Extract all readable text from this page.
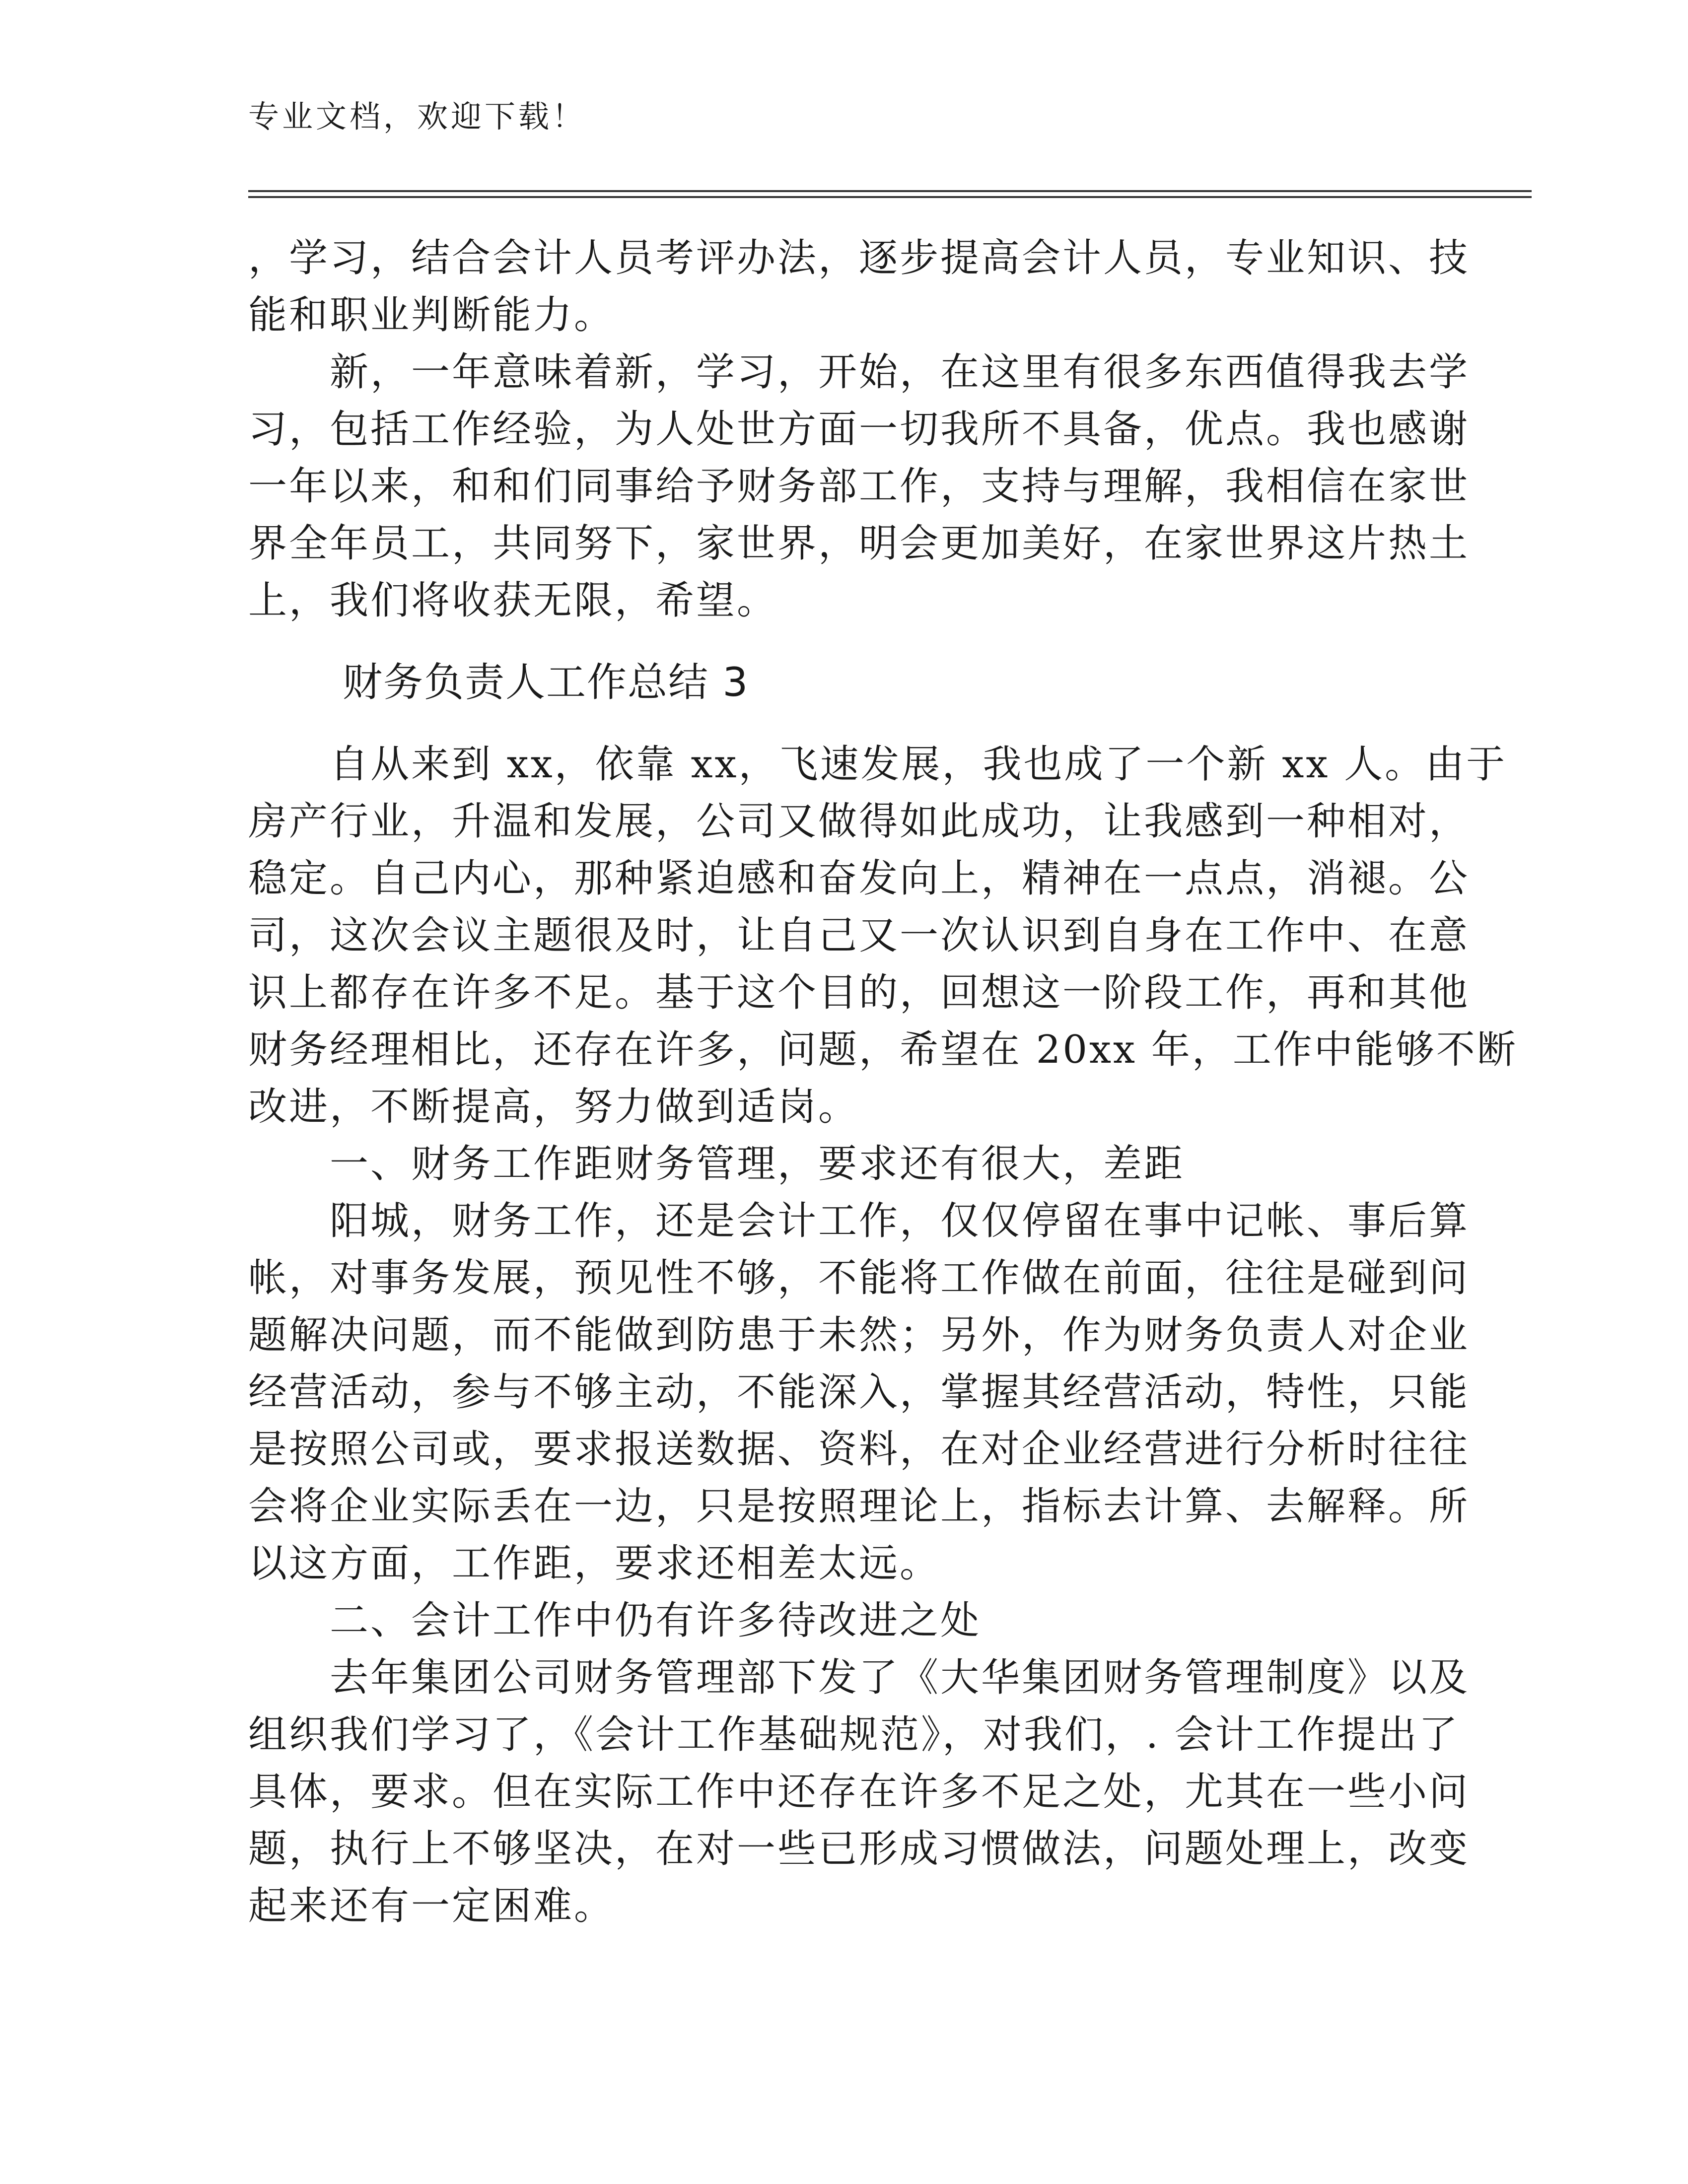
专业文档，欢迎下载！
，学习，结合会计人员考评办法，逐步提高会计人员，专业知识、技
能和职业判断能力。
　　新，一年意味着新，学习，开始，在这里有很多东西值得我去学
习，包括工作经验，为人处世方面一切我所不具备，优点。我也感谢
一年以来，和和们同事给予财务部工作，支持与理解，我相信在家世
界全年员工，共同努下，家世界，明会更加美好，在家世界这片热土
上，我们将收获无限，希望。
财务负责人工作总结 3
　　自从来到 xx，依靠 xx，飞速发展，我也成了一个新 xx 人。由于
房产行业，升温和发展，公司又做得如此成功，让我感到一种相对，
稳定。自己内心，那种紧迫感和奋发向上，精神在一点点，消褪。公
司，这次会议主题很及时，让自己又一次认识到自身在工作中、在意
识上都存在许多不足。基于这个目的，回想这一阶段工作，再和其他
财务经理相比，还存在许多，问题，希望在 20xx 年，工作中能够不断
改进，不断提高，努力做到适岗。
　　一、财务工作距财务管理，要求还有很大，差距
　　阳城，财务工作，还是会计工作，仅仅停留在事中记帐、事后算
帐，对事务发展，预见性不够，不能将工作做在前面，往往是碰到问
题解决问题，而不能做到防患于未然；另外，作为财务负责人对企业
经营活动，参与不够主动，不能深入，掌握其经营活动，特性，只能
是按照公司或，要求报送数据、资料，在对企业经营进行分析时往往
会将企业实际丢在一边，只是按照理论上，指标去计算、去解释。所
以这方面，工作距，要求还相差太远。
　　二、会计工作中仍有许多待改进之处
　　去年集团公司财务管理部下发了《大华集团财务管理制度》以及
组织我们学习了，《会计工作基础规范》，对我们，. 会计工作提出了
具体，要求。但在实际工作中还存在许多不足之处，尤其在一些小问
题，执行上不够坚决，在对一些已形成习惯做法，问题处理上，改变
起来还有一定困难。
